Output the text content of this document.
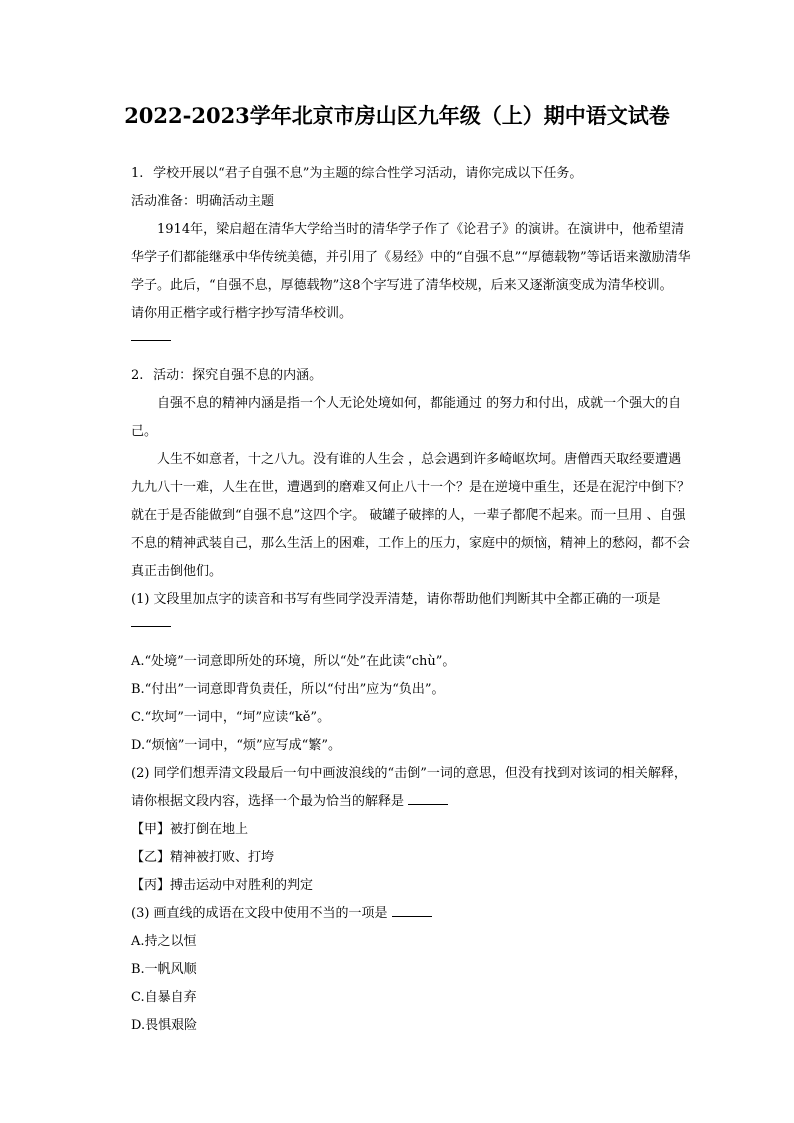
2022-2023学年北京市房山区九年级（上）期中语文试卷

1. 学校开展以“君子自强不息”为主题的综合性学习活动，请你完成以下任务。

活动准备：明确活动主题

1914年，梁启超在清华大学给当时的清华学子作了《论君子》的演讲。在演讲中，他希望清华学子们都能继承中华传统美德，并引用了《易经》中的“自强不息”“厚德载物”等话语来激励清华学子。此后，“自强不息，厚德载物”这8个字写进了清华校规，后来又逐渐演变成为清华校训。

请你用正楷字或行楷字抄写清华校训。

2. 活动：探究自强不息的内涵。

自强不息的精神内涵是指一个人无论处境如何，都能通过 的努力和付出，成就一个强大的自己。

人生不如意者，十之八九。没有谁的人生会 ，总会遇到许多崎岖坎坷。唐僧西天取经要遭遇九九八十一难，人生在世，遭遇到的磨难又何止八十一个？是在逆境中重生，还是在泥泞中倒下？就在于是否能做到“自强不息”这四个字。 破罐子破摔的人，一辈子都爬不起来。而一旦用 、自强不息的精神武装自己，那么生活上的困难，工作上的压力，家庭中的烦恼，精神上的愁闷，都不会真正击倒他们。

(1) 文段里加点字的读音和书写有些同学没弄清楚，请你帮助他们判断其中全都正确的一项是

A.“处境”一词意即所处的环境，所以“处”在此读“chù”。

B.“付出”一词意即背负责任，所以“付出”应为“负出”。

C.“坎坷”一词中，“坷”应读“kě”。

D.“烦恼”一词中，“烦”应写成“繁”。

(2) 同学们想弄清文段最后一句中画波浪线的“击倒”一词的意思，但没有找到对该词的相关解释，请你根据文段内容，选择一个最为恰当的解释是

【甲】被打倒在地上

【乙】精神被打败、打垮

【丙】搏击运动中对胜利的判定

(3) 画直线的成语在文段中使用不当的一项是

A.持之以恒

B.一帆风顺

C.自暴自弃

D.畏惧艰险
